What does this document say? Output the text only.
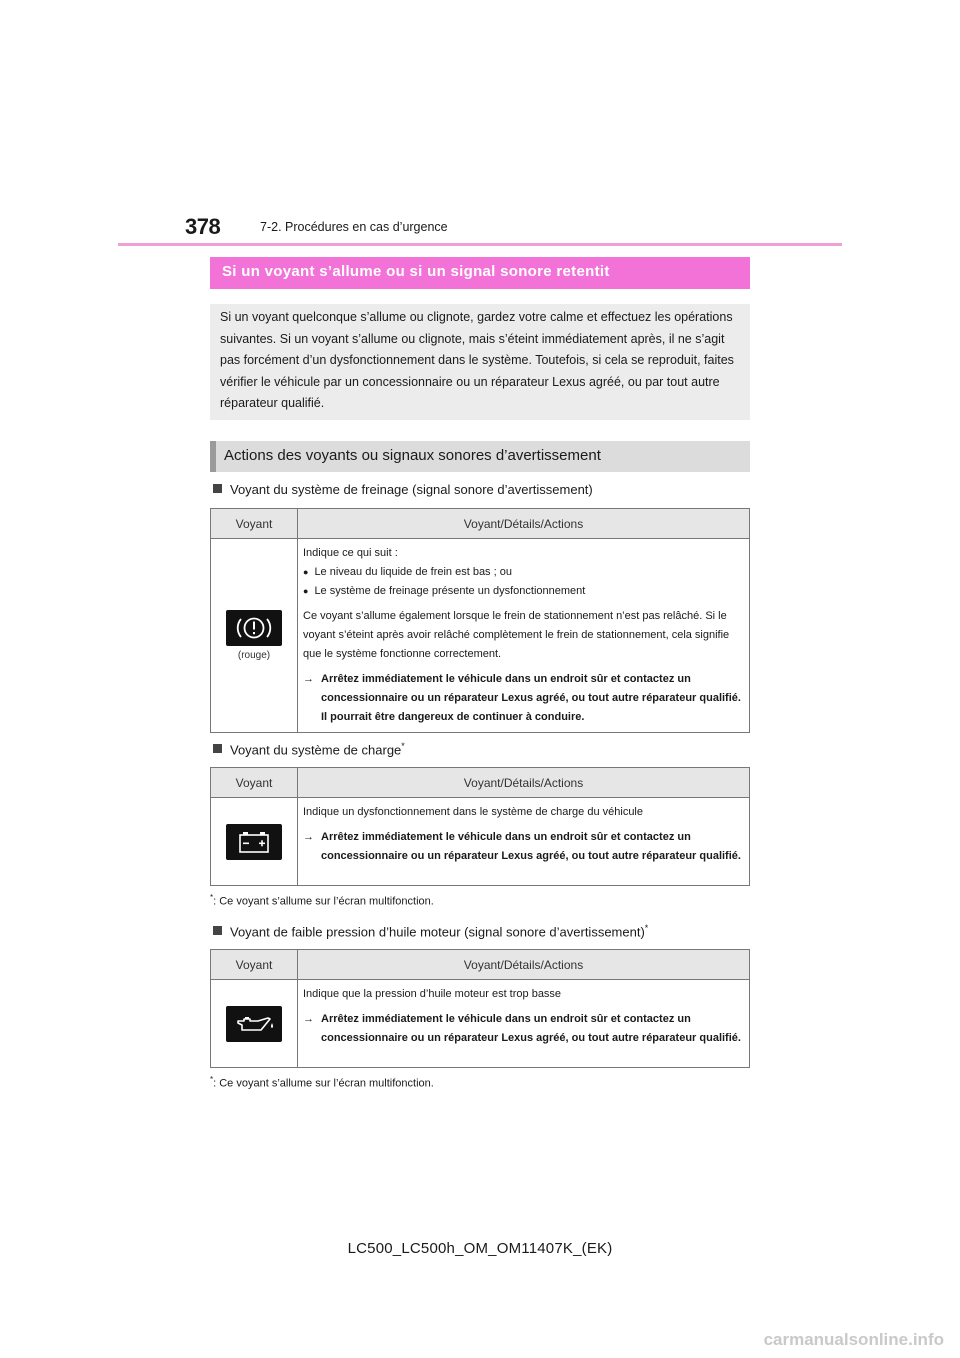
378	7-2. Procédures en cas d’urgence
Si un voyant s’allume ou si un signal sonore retentit

Si un voyant quelconque s’allume ou clignote, gardez votre calme et effectuez les opérations suivantes. Si un voyant s’allume ou clignote, mais s’éteint immédiatement après, il ne s’agit pas forcément d’un dysfonctionnement dans le système. Toutefois, si cela se reproduit, faites vérifier le véhicule par un concessionnaire ou un réparateur Lexus agréé, ou par tout autre réparateur qualifié.

Actions des voyants ou signaux sonores d’avertissement
Voyant du système de freinage (signal sonore d’avertissement)
Voyant	Voyant/Détails/Actions

(rouge)	Indique ce qui suit :
● Le niveau du liquide de frein est bas ; ou
● Le système de freinage présente un dysfonctionnement
Ce voyant s’allume également lorsque le frein de stationnement n’est pas relâché. Si le voyant s’éteint après avoir relâché complètement le frein de stationnement, cela signifie que le système fonctionne correctement.
→ Arrêtez immédiatement le véhicule dans un endroit sûr et contactez un concessionnaire ou un réparateur Lexus agréé, ou tout autre réparateur qualifié. Il pourrait être dangereux de continuer à conduire.
Voyant du système de charge*
Voyant	Voyant/Détails/Actions

Indique un dysfonctionnement dans le système de charge du véhicule
→ Arrêtez immédiatement le véhicule dans un endroit sûr et contactez un concessionnaire ou un réparateur Lexus agréé, ou tout autre réparateur qualifié.
*: Ce voyant s’allume sur l’écran multifonction.
Voyant de faible pression d’huile moteur (signal sonore d’avertissement)*
Voyant	Voyant/Détails/Actions

Indique que la pression d’huile moteur est trop basse
→ Arrêtez immédiatement le véhicule dans un endroit sûr et contactez un concessionnaire ou un réparateur Lexus agréé, ou tout autre réparateur qualifié.
*: Ce voyant s’allume sur l’écran multifonction.
LC500_LC500h_OM_OM11407K_(EK)
carmanualsonline.info
